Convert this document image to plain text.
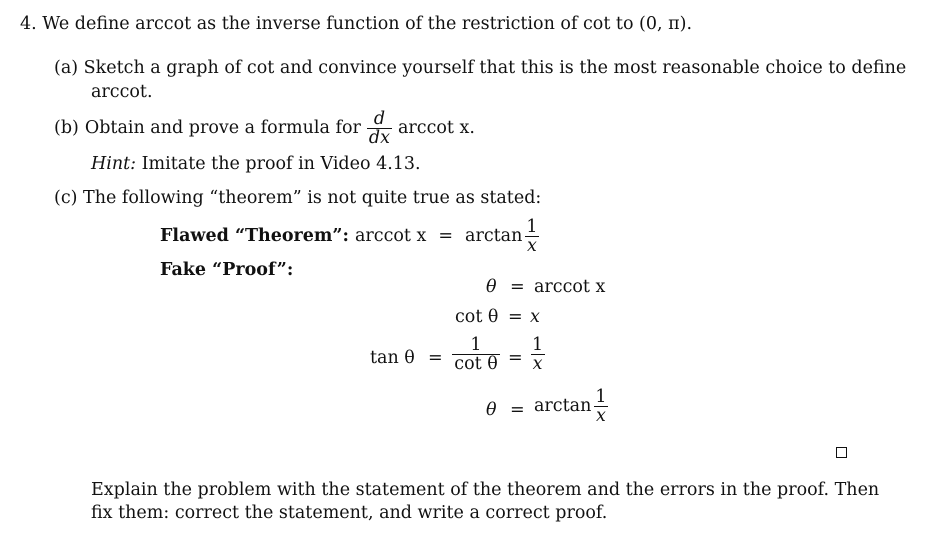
4. We define arccot as the inverse function of the restriction of cot to (0, π).
(a) Sketch a graph of cot and convince yourself that this is the most reasonable choice to define
arccot.
(b) Obtain and prove a formula for $\frac{d}{dx}$ arccot x.
Hint: Imitate the proof in Video 4.13.
(c) The following “theorem” is not quite true as stated:
Flawed “Theorem”: arccot $x = \arctan \frac{1}{x}$
Fake “Proof”:
θ = arccot x
cot θ = x
$\tan \theta = \frac{1}{\text{cot θ}} = \frac{1}{x}$
$\theta = \arctan \frac{1}{x}$
Explain the problem with the statement of the theorem and the errors in the proof. Then
fix them: correct the statement, and write a correct proof.
